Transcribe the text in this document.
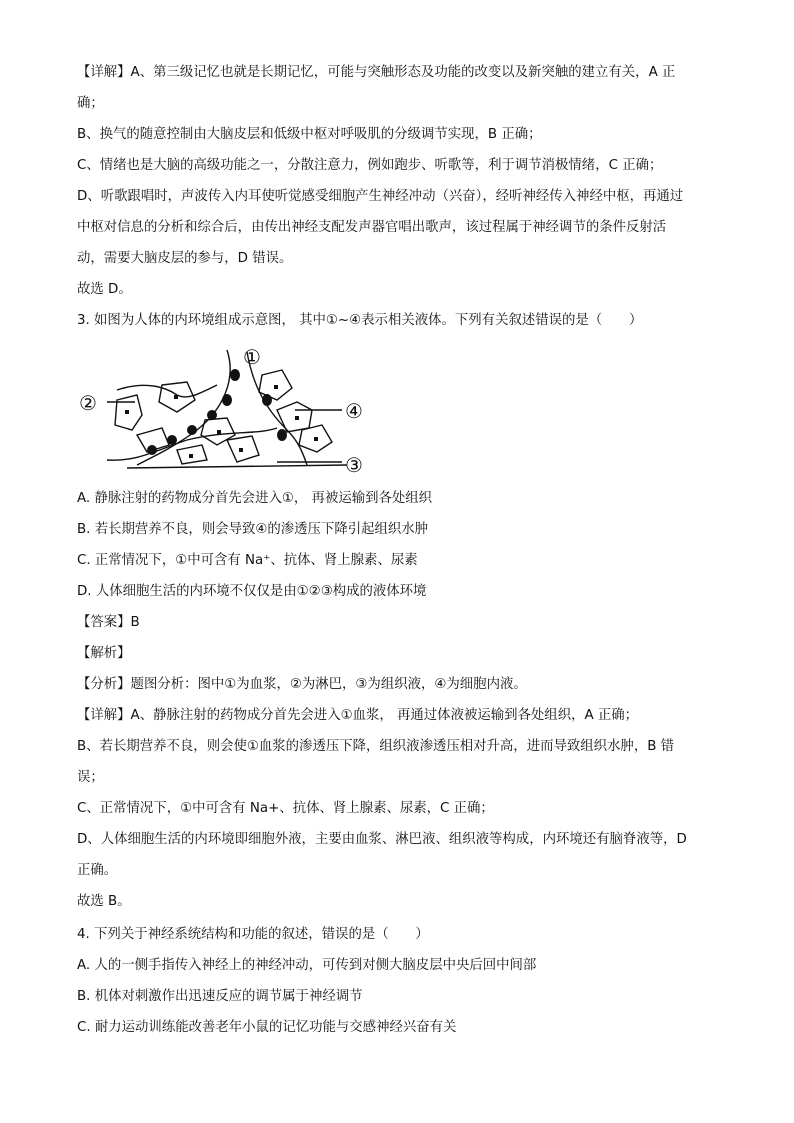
【详解】A、第三级记忆也就是长期记忆，可能与突触形态及功能的改变以及新突触的建立有关，A 正
确；
B、换气的随意控制由大脑皮层和低级中枢对呼吸肌的分级调节实现，B 正确；
C、情绪也是大脑的高级功能之一，分散注意力，例如跑步、听歌等，利于调节消极情绪，C 正确；
D、听歌跟唱时，声波传入内耳使听觉感受细胞产生神经冲动（兴奋），经听神经传入神经中枢，再通过
中枢对信息的分析和综合后，由传出神经支配发声器官唱出歌声，该过程属于神经调节的条件反射活
动，需要大脑皮层的参与，D 错误。
故选 D。
3. 如图为人体的内环境组成示意图， 其中①~④表示相关液体。下列有关叙述错误的是（　　）
①
②
③
④
A. 静脉注射的药物成分首先会进入①， 再被运输到各处组织
B. 若长期营养不良，则会导致④的渗透压下降引起组织水肿
C. 正常情况下，①中可含有 Na⁺、抗体、肾上腺素、尿素
D. 人体细胞生活的内环境不仅仅是由①②③构成的液体环境
【答案】B
【解析】
【分析】题图分析：图中①为血浆，②为淋巴，③为组织液，④为细胞内液。
【详解】A、静脉注射的药物成分首先会进入①血浆， 再通过体液被运输到各处组织，A 正确；
B、若长期营养不良，则会使①血浆的渗透压下降，组织液渗透压相对升高，进而导致组织水肿，B 错
误；
C、正常情况下，①中可含有 Na+、抗体、肾上腺素、尿素，C 正确；
D、人体细胞生活的内环境即细胞外液，主要由血浆、淋巴液、组织液等构成，内环境还有脑脊液等，D
正确。
故选 B。
4. 下列关于神经系统结构和功能的叙述，错误的是（　　）
A. 人的一侧手指传入神经上的神经冲动，可传到对侧大脑皮层中央后回中间部
B. 机体对刺激作出迅速反应的调节属于神经调节
C. 耐力运动训练能改善老年小鼠的记忆功能与交感神经兴奋有关
